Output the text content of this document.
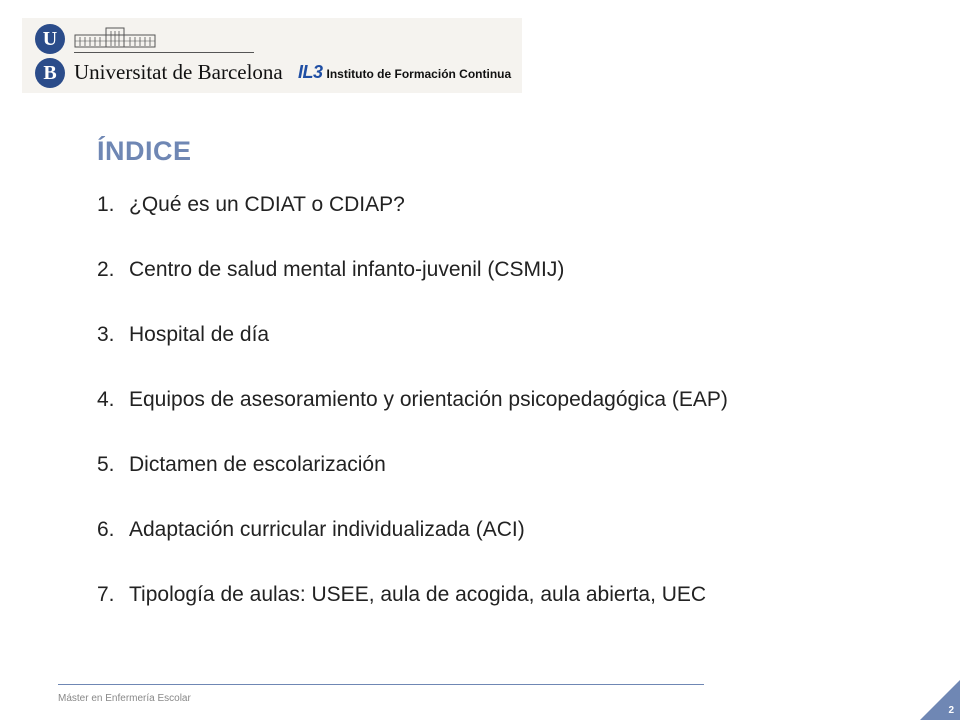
U
B Universitat de Barcelona IL3 Instituto de Formación Continua
ÍNDICE
1. ¿Qué es un CDIAT o CDIAP?
2. Centro de salud mental infanto-juvenil (CSMIJ)
3. Hospital de día
4. Equipos de asesoramiento y orientación psicopedagógica (EAP)
5. Dictamen de escolarización
6. Adaptación curricular individualizada (ACI)
7. Tipología de aulas: USEE, aula de acogida, aula abierta, UEC
Máster en Enfermería Escolar
2
